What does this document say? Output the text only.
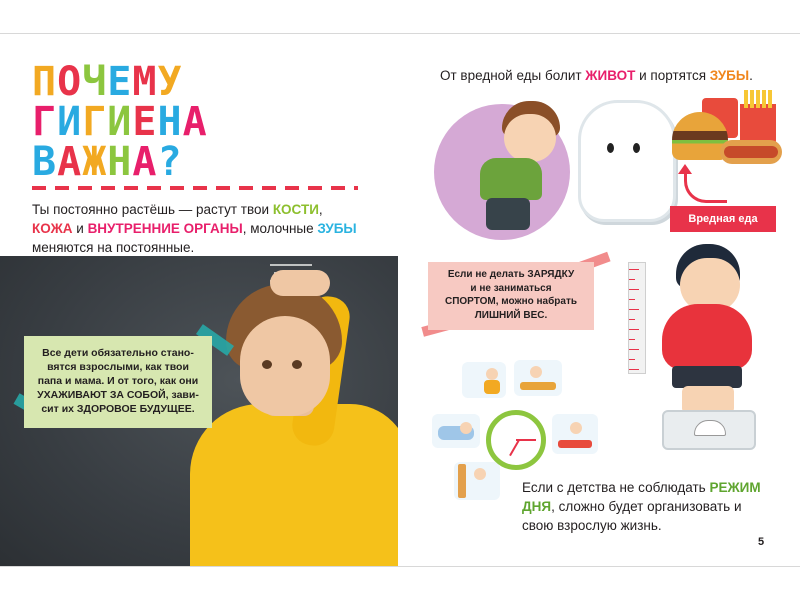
ПОЧЕМУ
ГИГИЕНА
ВАЖНА?
Ты постоянно растёшь — растут твои КОСТИ,
КОЖА и ВНУТРЕННИЕ ОРГАНЫ, молочные ЗУБЫ меняются на постоянные.
Все дети обязательно стано-
вятся взрослыми, как твои
папа и мама. И от того, как они
УХАЖИВАЮТ ЗА СОБОЙ, зави-
сит их ЗДОРОВОЕ БУДУЩЕЕ.
От вредной еды болит ЖИВОТ и портятся ЗУБЫ.
Вредная еда
Если не делать ЗАРЯДКУ
и не заниматься
СПОРТОМ, можно набрать
ЛИШНИЙ ВЕС.
Если с детства не соблюдать РЕЖИМ ДНЯ, сложно будет организовать и свою взрослую жизнь.
5
